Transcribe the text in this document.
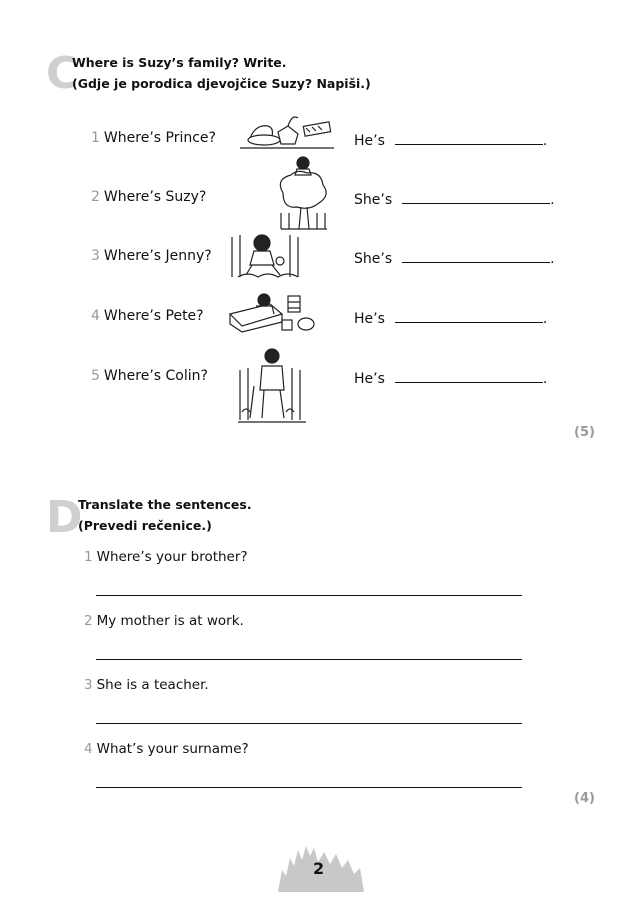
C
Where is Suzy’s family? Write.
(Gdje je porodica djevojčice Suzy? Napiši.)
1 Where’s Prince?	He’s	.
2 Where’s Suzy?	She’s	.
3 Where’s Jenny?	She’s	.
4 Where’s Pete?	He’s	.
5 Where’s Colin?	He’s	.
(5)
D
Translate the sentences.
(Prevedi rečenice.)
1 Where’s your brother?
2 My mother is at work.
3 She is a teacher.
4 What’s your surname?
(4)
2
